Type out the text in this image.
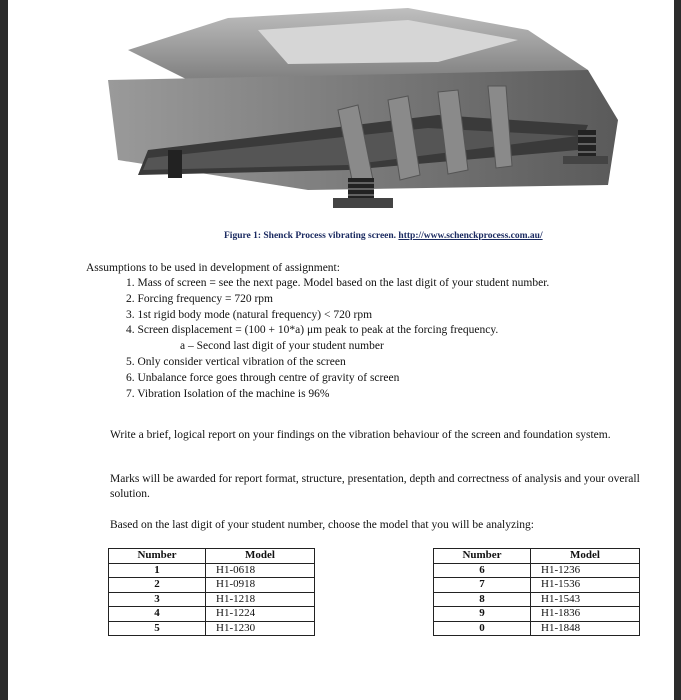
Figure 1: Shenck Process vibrating screen. http://www.schenckprocess.com.au/
Assumptions to be used in development of assignment:
1. Mass of screen = see the next page. Model based on the last digit of your student number.
2. Forcing frequency = 720 rpm
3. 1st rigid body mode (natural frequency) < 720 rpm
4. Screen displacement = (100 + 10*a) μm peak to peak at the forcing frequency.
a – Second last digit of your student number
5. Only consider vertical vibration of the screen
6. Unbalance force goes through centre of gravity of screen
7. Vibration Isolation of the machine is 96%
Write a brief, logical report on your findings on the vibration behaviour of the screen and foundation system.
Marks will be awarded for report format, structure, presentation, depth and correctness of analysis and your overall solution.
Based on the last digit of your student number, choose the model that you will be analyzing:
Number	Model		Number	Model
1	H1-0618		6	H1-1236
2	H1-0918		7	H1-1536
3	H1-1218		8	H1-1543
4	H1-1224		9	H1-1836
5	H1-1230		0	H1-1848
